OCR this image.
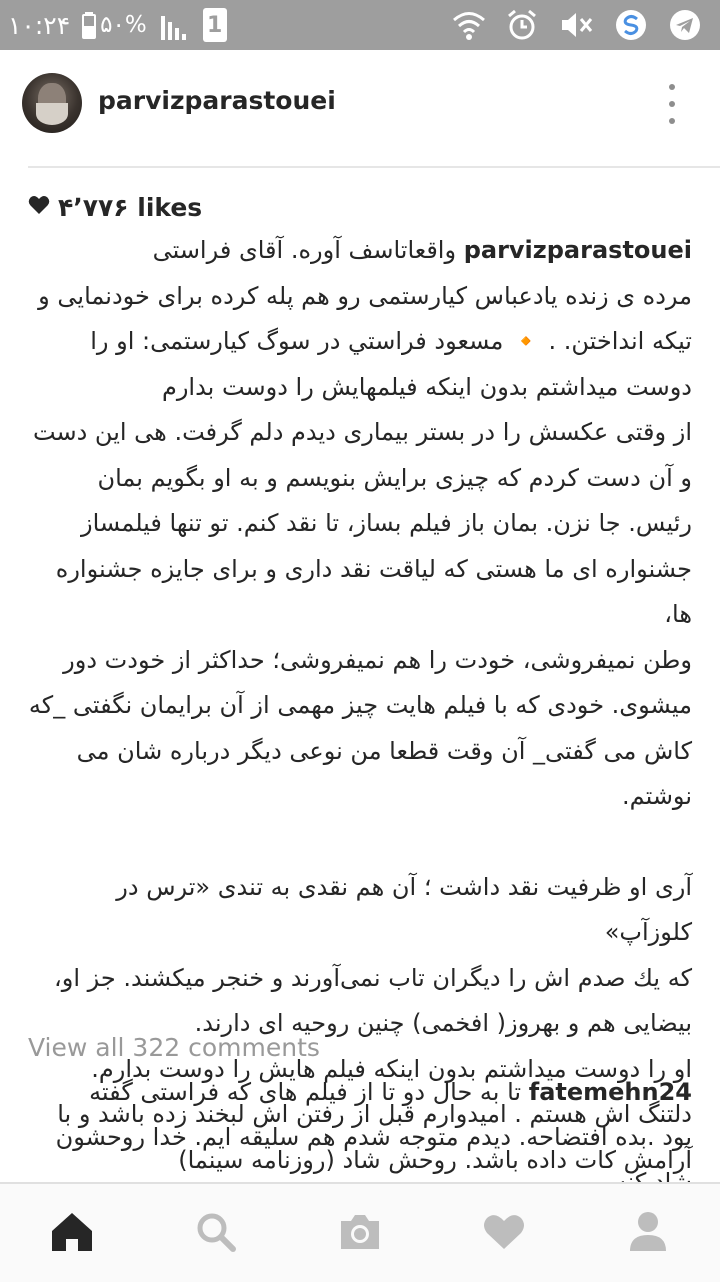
۱۰:۲۴ ۵۰%	1
parvizparastouei
۴٬۷۷۶ likes

parvizparastouei واقعاتاسف آوره. آقای فراستی

مرده ی زنده یادعباس کیارستمی رو هم پله کرده برای خودنمایی و

تیکه انداختن. . 🔸 مسعود فراستي در سوگ كيارستمى: او را

دوست ميداشتم بدون اينكه فيلمهايش را دوست بدارم

از وقتى عكسش را در بستر بيمارى ديدم دلم گرفت. هى اين دست

و آن دست كردم كه چيزى برايش بنويسم و به او بگويم بمان

رئيس. جا نزن. بمان باز فيلم بساز، تا نقد كنم. تو تنها فيلمساز

جشنواره اى ما هستى كه لياقت نقد دارى و براى جايزه جشنواره ها،

وطن نميفروشى، خودت را هم نميفروشى؛ حداكثر از خودت دور

ميشوى. خودى كه با فيلم هايت چيز مهمى از آن برايمان نگفتى _كه

كاش مى گفتى_ آن وقت قطعا من نوعى ديگر درباره شان مى

نوشتم.

آرى او ظرفيت نقد داشت ؛ آن هم نقدى به تندى «ترس در كلوزآپ»

كه يك صدم اش را ديگران تاب نمى‌آورند و خنجر ميكشند. جز او،

بيضايى هم و بهروز( افخمى) چنين روحيه اى دارند.

او را دوست ميداشتم بدون اينكه فيلم هايش را دوست بدارم.

دلتنگ اش هستم . اميدوارم قبل از رفتن اش لبخند زده باشد و با

آرامش كات داده باشد. روحش شاد (روزنامه سينما)

View all 322 comments
fatemehn24 تا به حال دو تا از فیلم های که فراستی گفته
بود .بده افتضاحه. دیدم متوجه شدم هم سلیقه ایم. خدا روحشون
